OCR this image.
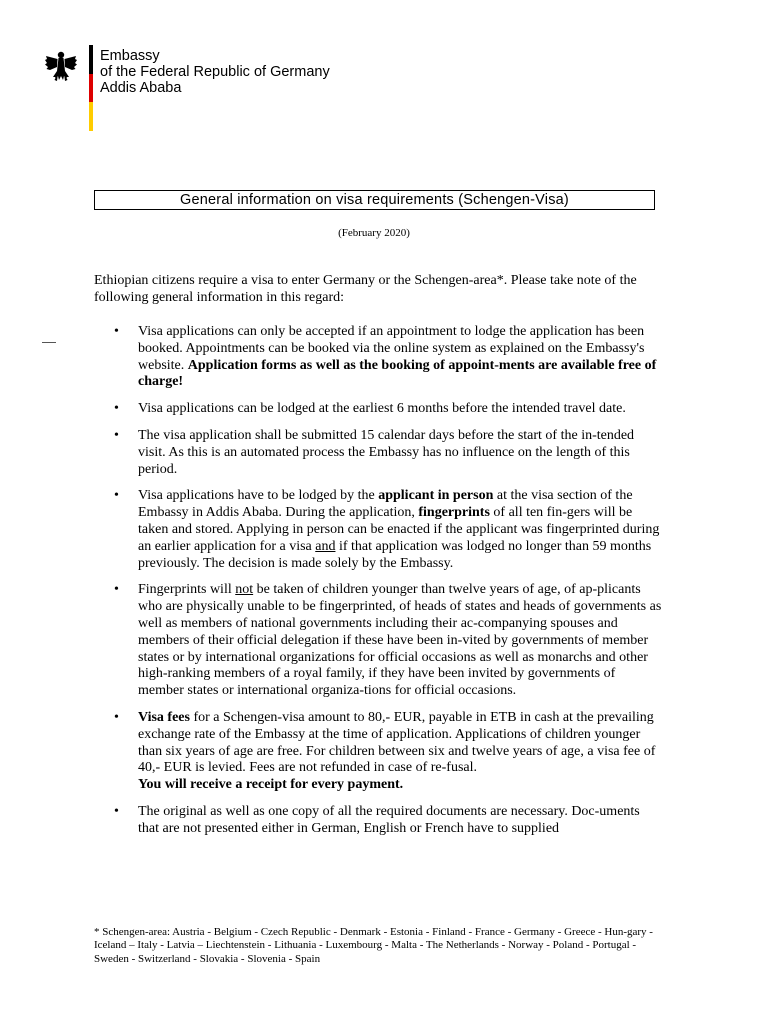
Embassy
of the Federal Republic of Germany
Addis Ababa
General information on visa requirements (Schengen-Visa)
(February 2020)
Ethiopian citizens require a visa to enter Germany or the Schengen-area*. Please take note of the following general information in this regard:
• Visa applications can only be accepted if an appointment to lodge the application has been booked. Appointments can be booked via the online system as explained on the Embassy's website. Application forms as well as the booking of appoint-ments are available free of charge!
• Visa applications can be lodged at the earliest 6 months before the intended travel date.
• The visa application shall be submitted 15 calendar days before the start of the in-tended visit. As this is an automated process the Embassy has no influence on the length of this period.
• Visa applications have to be lodged by the applicant in person at the visa section of the Embassy in Addis Ababa. During the application, fingerprints of all ten fin-gers will be taken and stored. Applying in person can be enacted if the applicant was fingerprinted during an earlier application for a visa and if that application was lodged no longer than 59 months previously. The decision is made solely by the Embassy.
• Fingerprints will not be taken of children younger than twelve years of age, of ap-plicants who are physically unable to be fingerprinted, of heads of states and heads of governments as well as members of national governments including their ac-companying spouses and members of their official delegation if these have been in-vited by governments of member states or by international organizations for official occasions as well as monarchs and other high-ranking members of a royal family, if they have been invited by governments of member states or international organiza-tions for official occasions.
• Visa fees for a Schengen-visa amount to 80,- EUR, payable in ETB in cash at the prevailing exchange rate of the Embassy at the time of application. Applications of children younger than six years of age are free. For children between six and twelve years of age, a visa fee of 40,- EUR is levied. Fees are not refunded in case of re-fusal.
You will receive a receipt for every payment.
• The original as well as one copy of all the required documents are necessary. Doc-uments that are not presented either in German, English or French have to supplied
* Schengen-area: Austria - Belgium - Czech Republic - Denmark - Estonia - Finland - France - Germany - Greece - Hun-gary - Iceland – Italy - Latvia – Liechtenstein - Lithuania - Luxembourg - Malta - The Netherlands - Norway - Poland - Portugal - Sweden - Switzerland - Slovakia - Slovenia - Spain
